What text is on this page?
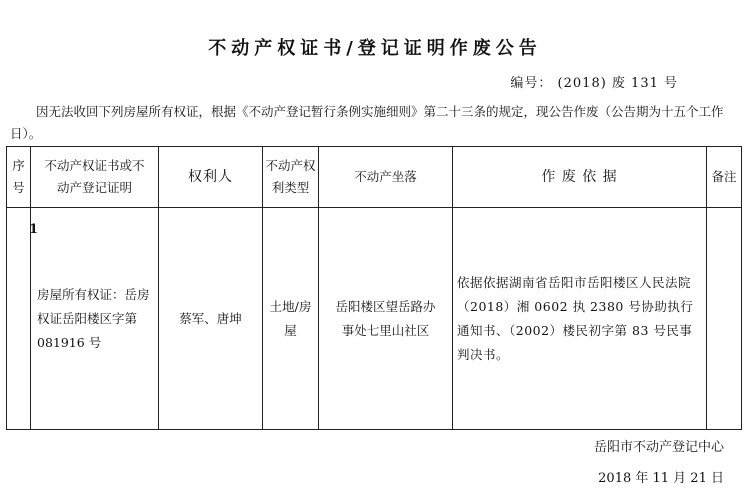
不动产权证书/登记证明作废公告
编号： (2018) 废 131 号
因无法收回下列房屋所有权证，根据《不动产登记暂行条例实施细则》第二十三条的规定，现公告作废（公告期为十五个工作日）。
序号	不动产权证书或不动产登记证明	权利人	不动产权利类型	不动产坐落	作 废 依 据	备注
1	房屋所有权证：岳房权证岳阳楼区字第 081916 号	蔡军、唐坤	土地/房屋	岳阳楼区望岳路办事处七里山社区	依据依据湖南省岳阳市岳阳楼区人民法院（2018）湘 0602 执 2380 号协助执行通知书、（2002）楼民初字第 83 号民事判决书。	
岳阳市不动产登记中心
2018 年 11 月 21 日
